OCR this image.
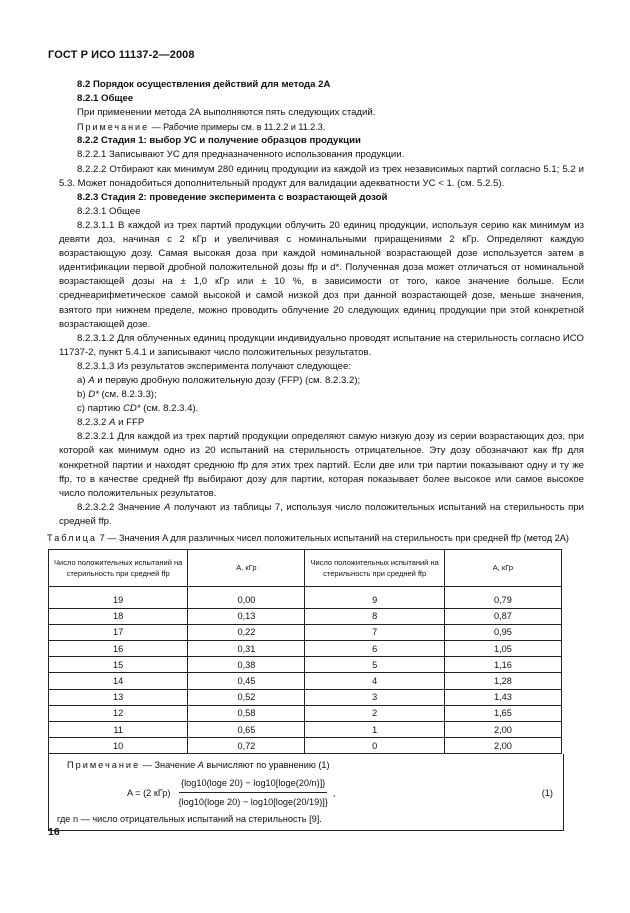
ГОСТ Р ИСО 11137-2—2008

8.2 Порядок осуществления действий для метода 2А

8.2.1 Общее

При применении метода 2А выполняются пять следующих стадий.

Примечание — Рабочие примеры см. в 11.2.2 и 11.2.3.

8.2.2 Стадия 1: выбор УС и получение образцов продукции

8.2.2.1 Записывают УС для предназначенного использования продукции.

8.2.2.2 Отбирают как минимум 280 единиц продукции из каждой из трех независимых партий согласно 5.1; 5.2 и 5.3. Может понадобиться дополнительный продукт для валидации адекватности УС < 1. (см. 5.2.5).

8.2.3 Стадия 2: проведение эксперимента с возрастающей дозой

8.2.3.1 Общее

8.2.3.1.1 В каждой из трех партий продукции облучить 20 единиц продукции, используя серию как минимум из девяти доз, начиная с 2 кГр и увеличивая с номинальными приращениями 2 кГр. Определяют каждую возрастающую дозу. Самая высокая доза при каждой номинальной возрастающей дозе используется затем в идентификации первой дробной положительной дозы ffp и d*. Полученная доза может отличаться от номинальной возрастающей дозы на ± 1,0 кГр или ± 10 %, в зависимости от того, какое значение больше. Если среднеарифметическое самой высокой и самой низкой доз при данной возрастающей дозе, меньше значения, взятого при нижнем пределе, можно проводить облучение 20 следующих единиц продукции при этой конкретной возрастающей дозе.

8.2.3.1.2 Для облученных единиц продукции индивидуально проводят испытание на стерильность согласно ИСО 11737-2, пункт 5.4.1 и записывают число положительных результатов.

8.2.3.1.3 Из результатов эксперимента получают следующее:

a) A и первую дробную положительную дозу (FFP) (см. 8.2.3.2);

b) D* (см. 8.2.3.3);

c) партию CD* (см. 8.2.3.4).

8.2.3.2 A и FFP

8.2.3.2.1 Для каждой из трех партий продукции определяют самую низкую дозу из серии возрастающих доз, при которой как минимум одно из 20 испытаний на стерильность отрицательное. Эту дозу обозначают как ffp для конкретной партии и находят среднюю ffp для этих трех партий. Если две или три партии показывают одну и ту же ffp, то в качестве средней ffp выбирают дозу для партии, которая показывает более высокое или самое высокое число положительных результатов.

8.2.3.2.2 Значение A получают из таблицы 7, используя число положительных испытаний на стерильность при средней ffp.

Таблица 7 — Значения A для различных чисел положительных испытаний на стерильность при средней ffp (метод 2А)

Число положительных испытаний на стерильность при средней ffp	A, кГр	Число положительных испытаний на стерильность при средней ffp	A, кГр
19	0,00	9	0,79
18	0,13	8	0,87
17	0,22	7	0,95
16	0,31	6	1,05
15	0,38	5	1,16
14	0,45	4	1,28
13	0,52	3	1,43
12	0,58	2	1,65
11	0,65	1	2,00
10	0,72	0	2,00
Примечание — Значение A вычисляют по уравнению (1)
A = (2 $кГр) \frac{\{\log 10(\log e 20) - \log 10[\log e(20/n)]\}}{\{\log 10(\log e 20) - \log 10[\log e(20/19)]\}}$ ,	(1)
где n — число отрицательных испытаний на стерильность [9].
16
